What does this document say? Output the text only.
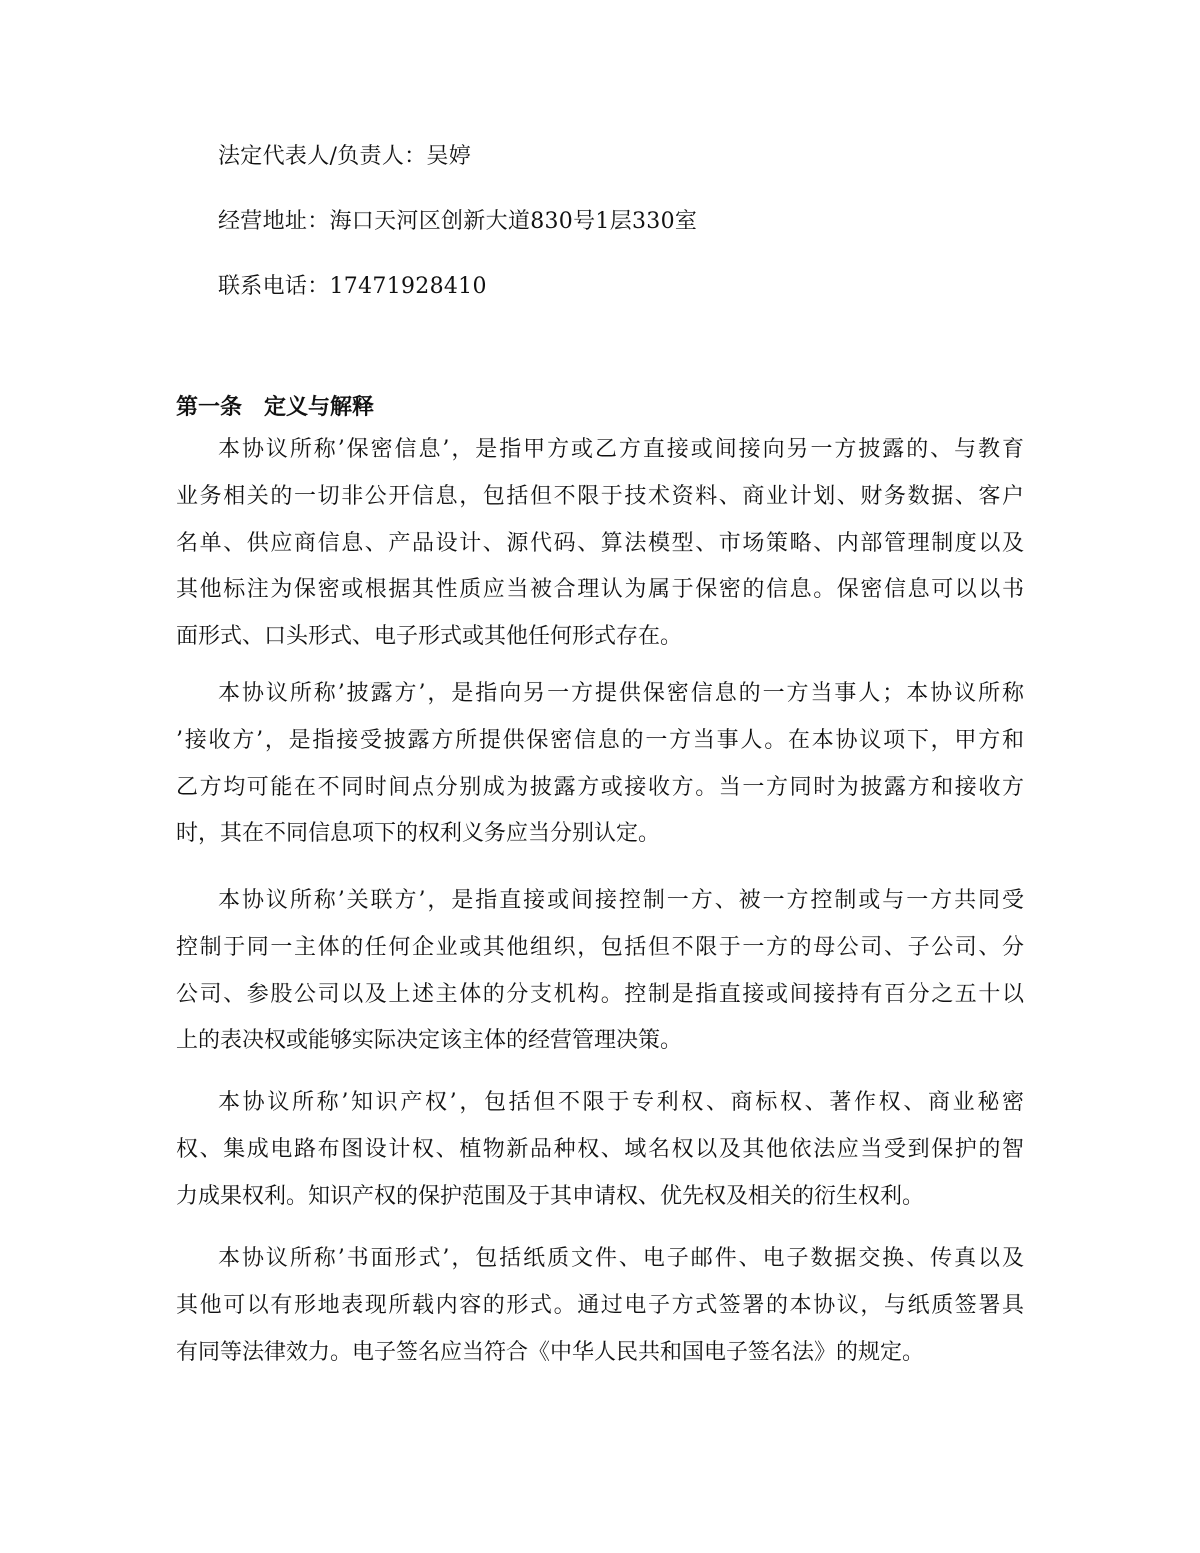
法定代表人/负责人：吴婷
经营地址：海口天河区创新大道830号1层330室
联系电话：17471928410
第一条 定义与解释
本协议所称’保密信息’，是指甲方或乙方直接或间接向另一方披露的、与教育
业务相关的一切非公开信息，包括但不限于技术资料、商业计划、财务数据、客户
名单、供应商信息、产品设计、源代码、算法模型、市场策略、内部管理制度以及
其他标注为保密或根据其性质应当被合理认为属于保密的信息。保密信息可以以书
面形式、口头形式、电子形式或其他任何形式存在。
本协议所称’披露方’，是指向另一方提供保密信息的一方当事人；本协议所称
’接收方’，是指接受披露方所提供保密信息的一方当事人。在本协议项下，甲方和
乙方均可能在不同时间点分别成为披露方或接收方。当一方同时为披露方和接收方
时，其在不同信息项下的权利义务应当分别认定。
本协议所称’关联方’，是指直接或间接控制一方、被一方控制或与一方共同受
控制于同一主体的任何企业或其他组织，包括但不限于一方的母公司、子公司、分
公司、参股公司以及上述主体的分支机构。控制是指直接或间接持有百分之五十以
上的表决权或能够实际决定该主体的经营管理决策。
本协议所称’知识产权’，包括但不限于专利权、商标权、著作权、商业秘密
权、集成电路布图设计权、植物新品种权、域名权以及其他依法应当受到保护的智
力成果权利。知识产权的保护范围及于其申请权、优先权及相关的衍生权利。
本协议所称’书面形式’，包括纸质文件、电子邮件、电子数据交换、传真以及
其他可以有形地表现所载内容的形式。通过电子方式签署的本协议，与纸质签署具
有同等法律效力。电子签名应当符合《中华人民共和国电子签名法》的规定。
